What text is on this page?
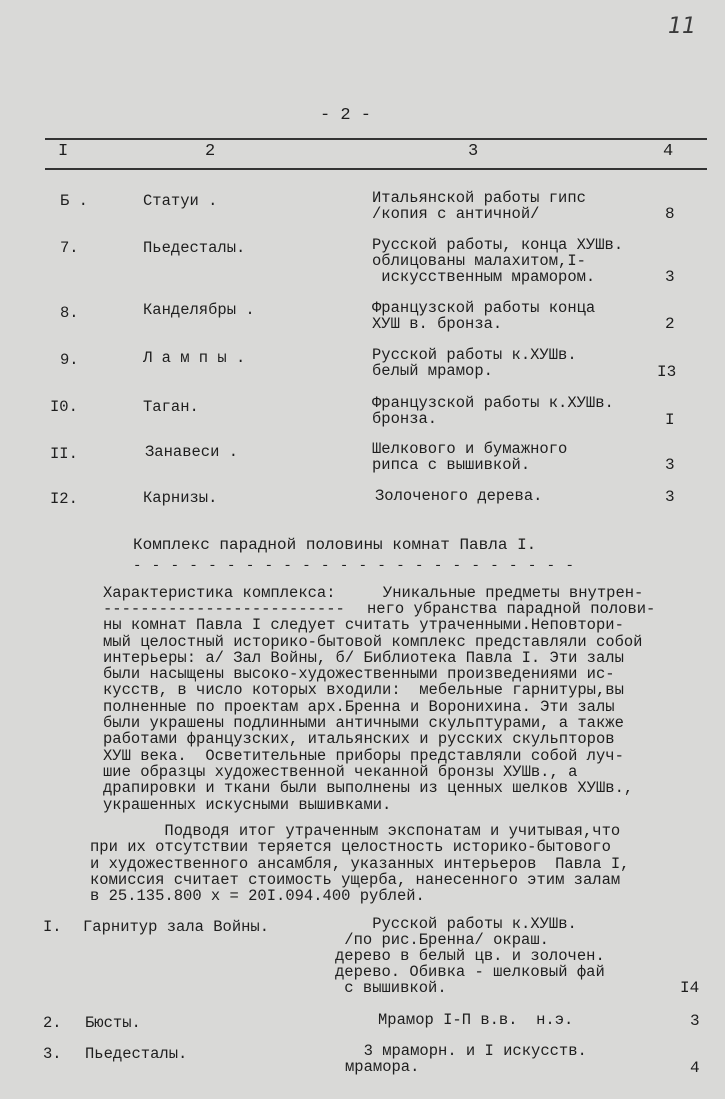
11
- 2 -
I	2	3	4
Б .	Статуи .	Итальянской работы гипс
/копия с античной/	8
7.	Пьедесталы.	Русской работы, конца ХУШв.
облицованы малахитом,I-
искусственным мрамором.	3
8.	Канделябры .	Французской работы конца
ХУШ в. бронза.	2
9.	Л а м п ы .	Русской работы к.ХУШв.
белый мрамор.	I3
I0.	Таган.	Французской работы к.ХУШв.
бронза.	I
II.	Занавеси .	Шелкового и бумажного
рипса с вышивкой.	3
I2.	Карнизы.	Золоченого дерева.	3
Комплекс парадной половины комнат Павла I.
- - - - - - - - - - - - - - - - - - - - - - - -
Характеристика комплекса: Уникальные предметы внутрен-
--------------------------	него убранства парадной полови-
ны комнат Павла I следует считать утраченными.Неповтори-
мый целостный историко-бытовой комплекс представляли собой
интерьеры: а/ Зал Войны, б/ Библиотека Павла I. Эти залы
были насыщены высоко-художественными произведениями ис-
кусств, в число которых входили:  мебельные гарнитуры,вы
полненные по проектам арх.Бренна и Воронихина. Эти залы
были украшены подлинными античными скульптурами, а также
работами французских, итальянских и русских скульпторов
ХУШ века.  Осветительные приборы представляли собой луч-
шие образцы художественной чеканной бронзы ХУШв., а
драпировки и ткани были выполнены из ценных шелков ХУШв.,
украшенных искусными вышивками.
Подводя итог утраченным экспонатам и учитывая,что
при их отсутствии теряется целостность историко-бытового
и художественного ансамбля, указанных интерьеров  Павла I,
комиссия считает стоимость ущерба, нанесенного этим залам
в 25.135.800 х = 20I.094.400 рублей.
I. Гарнитур зала Войны.	Русской работы к.ХУШв.
/по рис.Бренна/ окраш.
дерево в белый цв. и золочен.
дерево. Обивка - шелковый фай
с вышивкой.	I4
2. Бюсты.	Мрамор I-П в.в.  н.э.	3
3. Пьедесталы.	3 мраморн. и I искусств.
мрамора.	4
